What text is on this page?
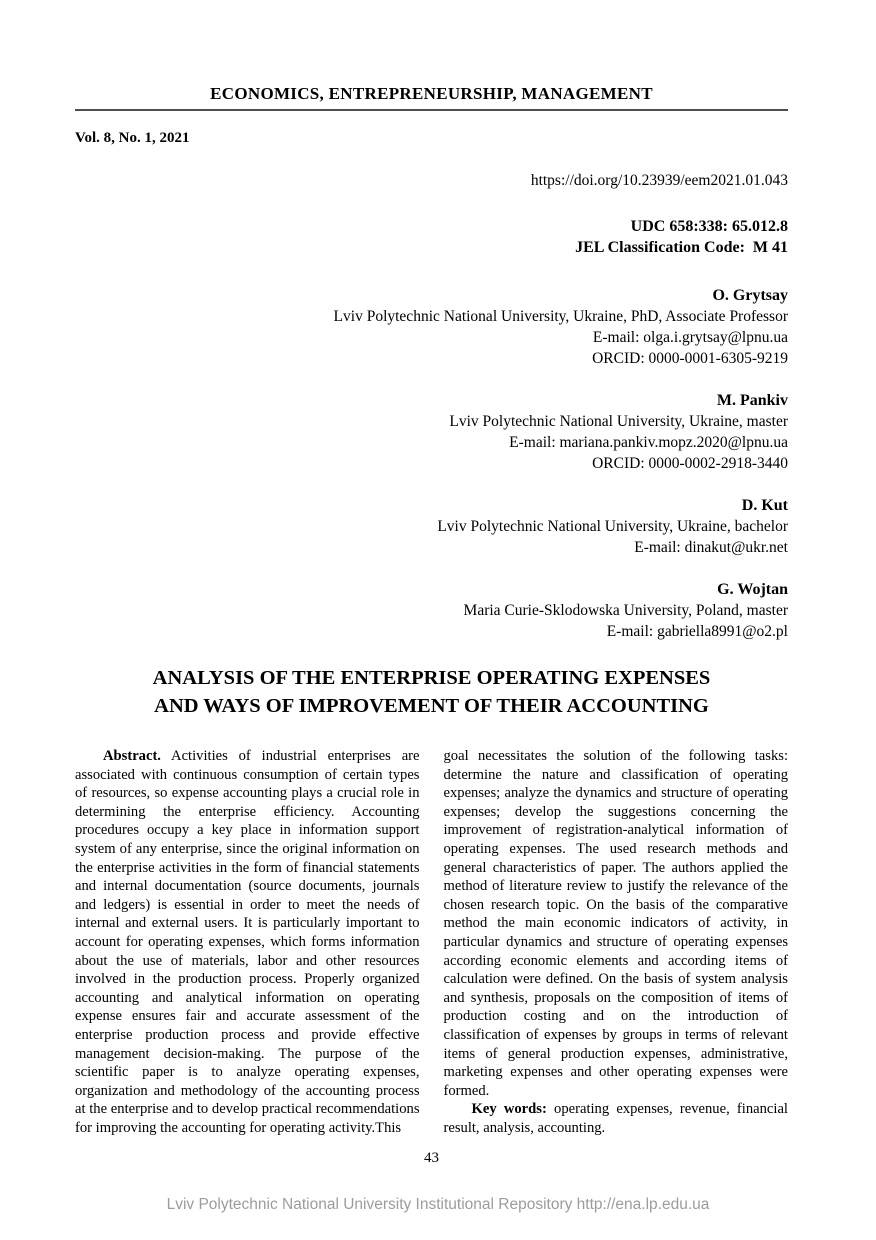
ECONOMICS, ENTREPRENEURSHIP, MANAGEMENT
Vol. 8, No. 1, 2021
https://doi.org/10.23939/eem2021.01.043
UDC 658:338: 65.012.8
JEL Classification Code:  M 41
O. Grytsay
Lviv Polytechnic National University, Ukraine, PhD, Associate Professor
E-mail: olga.i.grytsay@lpnu.ua
ORCID: 0000-0001-6305-9219
M. Pankiv
Lviv Polytechnic National University, Ukraine, master
E-mail: mariana.pankiv.mopz.2020@lpnu.ua
ORCID: 0000-0002-2918-3440
D. Kut
Lviv Polytechnic National University, Ukraine, bachelor
E-mail: dinakut@ukr.net
G. Wojtan
Maria Curie-Sklodowska University, Poland, master
E-mail: gabriella8991@o2.pl
ANALYSIS OF THE ENTERPRISE OPERATING EXPENSES
AND WAYS OF IMPROVEMENT OF THEIR ACCOUNTING

Abstract. Activities of industrial enterprises are associated with continuous consumption of certain types of resources, so expense accounting plays a crucial role in determining the enterprise efficiency. Accounting procedures occupy a key place in information support system of any enterprise, since the original information on the enterprise activities in the form of financial statements and internal documentation (source documents, journals and ledgers) is essential in order to meet the needs of internal and external users. It is particularly important to account for operating expenses, which forms information about the use of materials, labor and other resources involved in the production process. Properly organized accounting and analytical information on operating expense ensures fair and accurate assessment of the enterprise production process and provide effective management decision-making. The purpose of the scientific paper is to analyze operating expenses, organization and methodology of the accounting process at the enterprise and to develop practical recommendations for improving the accounting for operating activity.This

goal necessitates the solution of the following tasks: determine the nature and classification of operating expenses; analyze the dynamics and structure of operating expenses; develop the suggestions concerning the improvement of registration-analytical information of operating expenses. The used research methods and general characteristics of paper. The authors applied the method of literature review to justify the relevance of the chosen research topic. On the basis of the comparative method the main economic indicators of activity, in particular dynamics and structure of operating expenses according economic elements and according items of calculation were defined. On the basis of system analysis and synthesis, proposals on the composition of items of production costing and on the introduction of classification of expenses by groups in terms of relevant items of general production expenses, administrative, marketing expenses and other operating expenses were formed.

Key words: operating expenses, revenue, financial result, analysis, accounting.

43
Lviv Polytechnic National University Institutional Repository http://ena.lp.edu.ua
